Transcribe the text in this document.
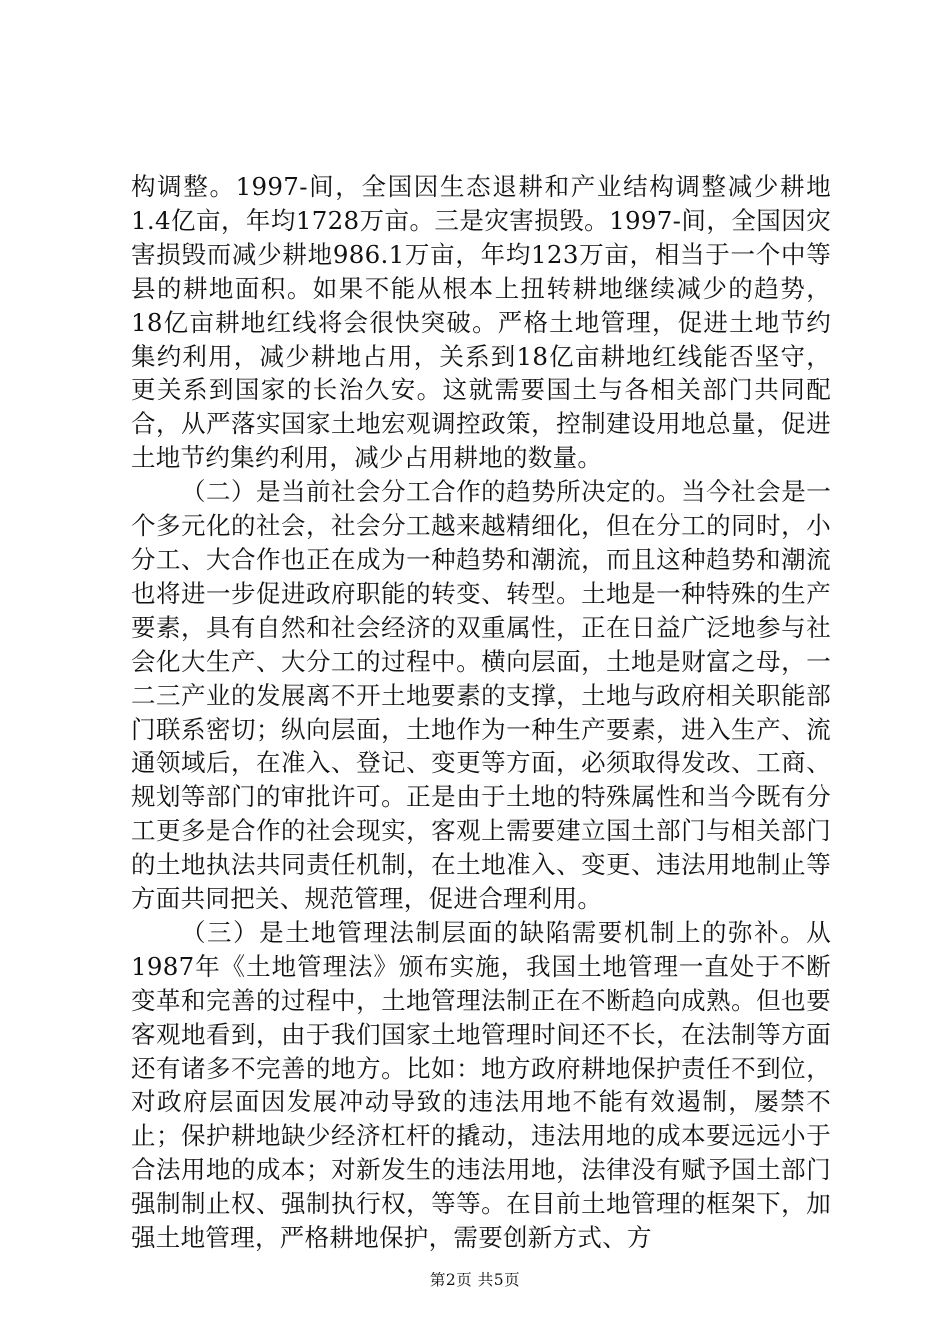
构调整。1997-间，全国因生态退耕和产业结构调整减少耕地1.4亿亩，年均1728万亩。三是灾害损毁。1997-间，全国因灾害损毁而减少耕地986.1万亩，年均123万亩，相当于一个中等县的耕地面积。如果不能从根本上扭转耕地继续减少的趋势，18亿亩耕地红线将会很快突破。严格土地管理，促进土地节约集约利用，减少耕地占用，关系到18亿亩耕地红线能否坚守，更关系到国家的长治久安。这就需要国土与各相关部门共同配合，从严落实国家土地宏观调控政策，控制建设用地总量，促进土地节约集约利用，减少占用耕地的数量。

（二）是当前社会分工合作的趋势所决定的。当今社会是一个多元化的社会，社会分工越来越精细化，但在分工的同时，小分工、大合作也正在成为一种趋势和潮流，而且这种趋势和潮流也将进一步促进政府职能的转变、转型。土地是一种特殊的生产要素，具有自然和社会经济的双重属性，正在日益广泛地参与社会化大生产、大分工的过程中。横向层面，土地是财富之母，一二三产业的发展离不开土地要素的支撑，土地与政府相关职能部门联系密切；纵向层面，土地作为一种生产要素，进入生产、流通领域后，在准入、登记、变更等方面，必须取得发改、工商、规划等部门的审批许可。正是由于土地的特殊属性和当今既有分工更多是合作的社会现实，客观上需要建立国土部门与相关部门的土地执法共同责任机制，在土地准入、变更、违法用地制止等方面共同把关、规范管理，促进合理利用。

（三）是土地管理法制层面的缺陷需要机制上的弥补。从1987年《土地管理法》颁布实施，我国土地管理一直处于不断变革和完善的过程中，土地管理法制正在不断趋向成熟。但也要客观地看到，由于我们国家土地管理时间还不长，在法制等方面还有诸多不完善的地方。比如：地方政府耕地保护责任不到位，对政府层面因发展冲动导致的违法用地不能有效遏制，屡禁不止；保护耕地缺少经济杠杆的撬动，违法用地的成本要远远小于合法用地的成本；对新发生的违法用地，法律没有赋予国土部门强制制止权、强制执行权，等等。在目前土地管理的框架下，加强土地管理，严格耕地保护，需要创新方式、方

第2页 共5页
